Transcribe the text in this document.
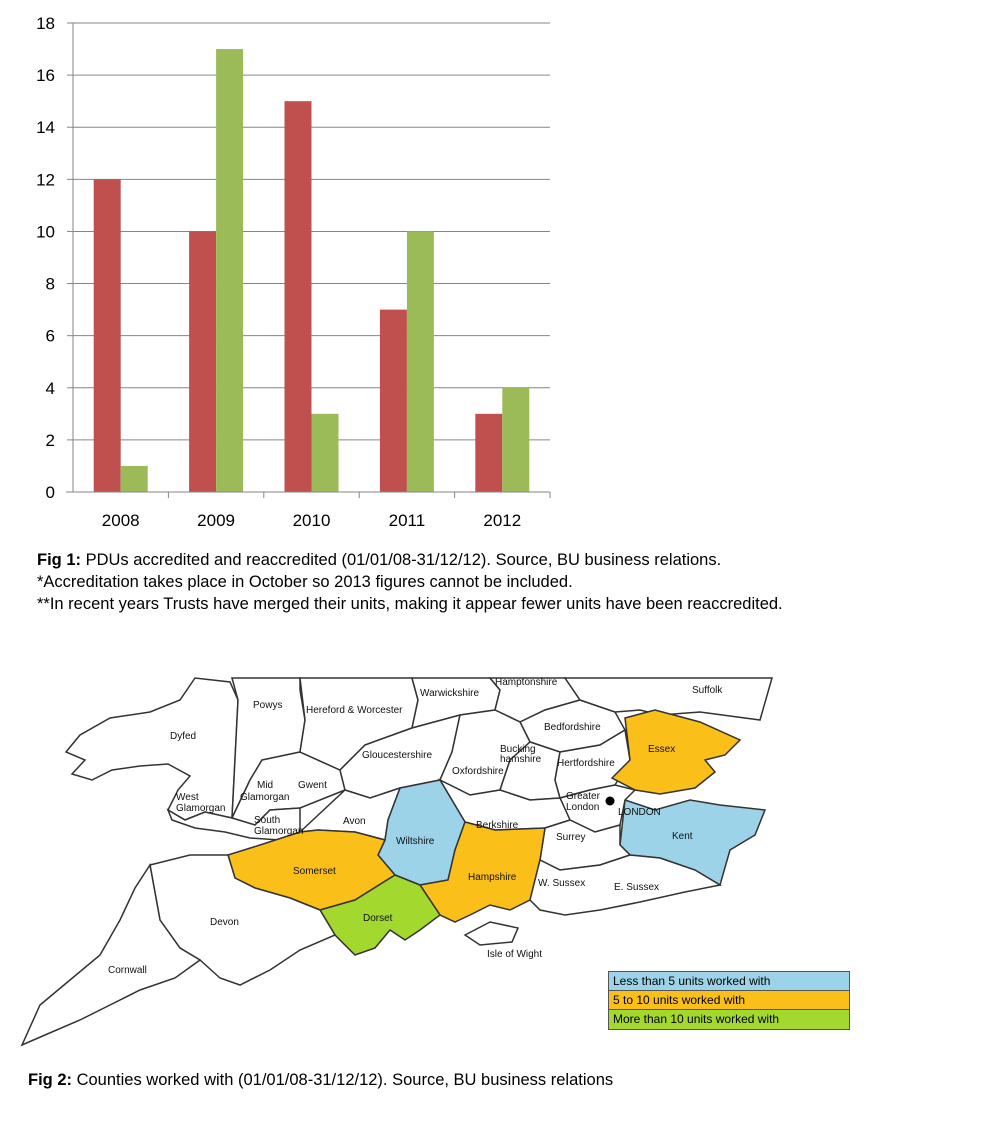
0
2
4
6
8
10
12
14
16
18
2008	2009	2010	2011	2012
Fig 1: PDUs accredited and reaccredited (01/01/08-31/12/12). Source, BU business relations.
*Accreditation takes place in October so 2013 figures cannot be included.
**In recent years Trusts have merged their units, making it appear fewer units have been reaccredited.
Powys Hereford & Worcester
Warwickshire
Hamptonshire
Suffolk
Dyfed
Bedfordshire
Essex
Gloucestershire
Bucking
hamshire
Oxfordshire
Hertfordshire
Gwent
Mid
Glamorgan
West
Glamorgan
South
Glamorgan
Avon
Wiltshire
Berkshire
Greater
London LONDON
Kent
Surrey
Somerset
Hampshire
W. Sussex	E. Sussex
Devon	Dorset
Cornwall
Isle of Wight
Less than 5 units worked with
5 to 10 units worked with
More than 10 units worked with
Fig 2: Counties worked with (01/01/08-31/12/12). Source, BU business relations
